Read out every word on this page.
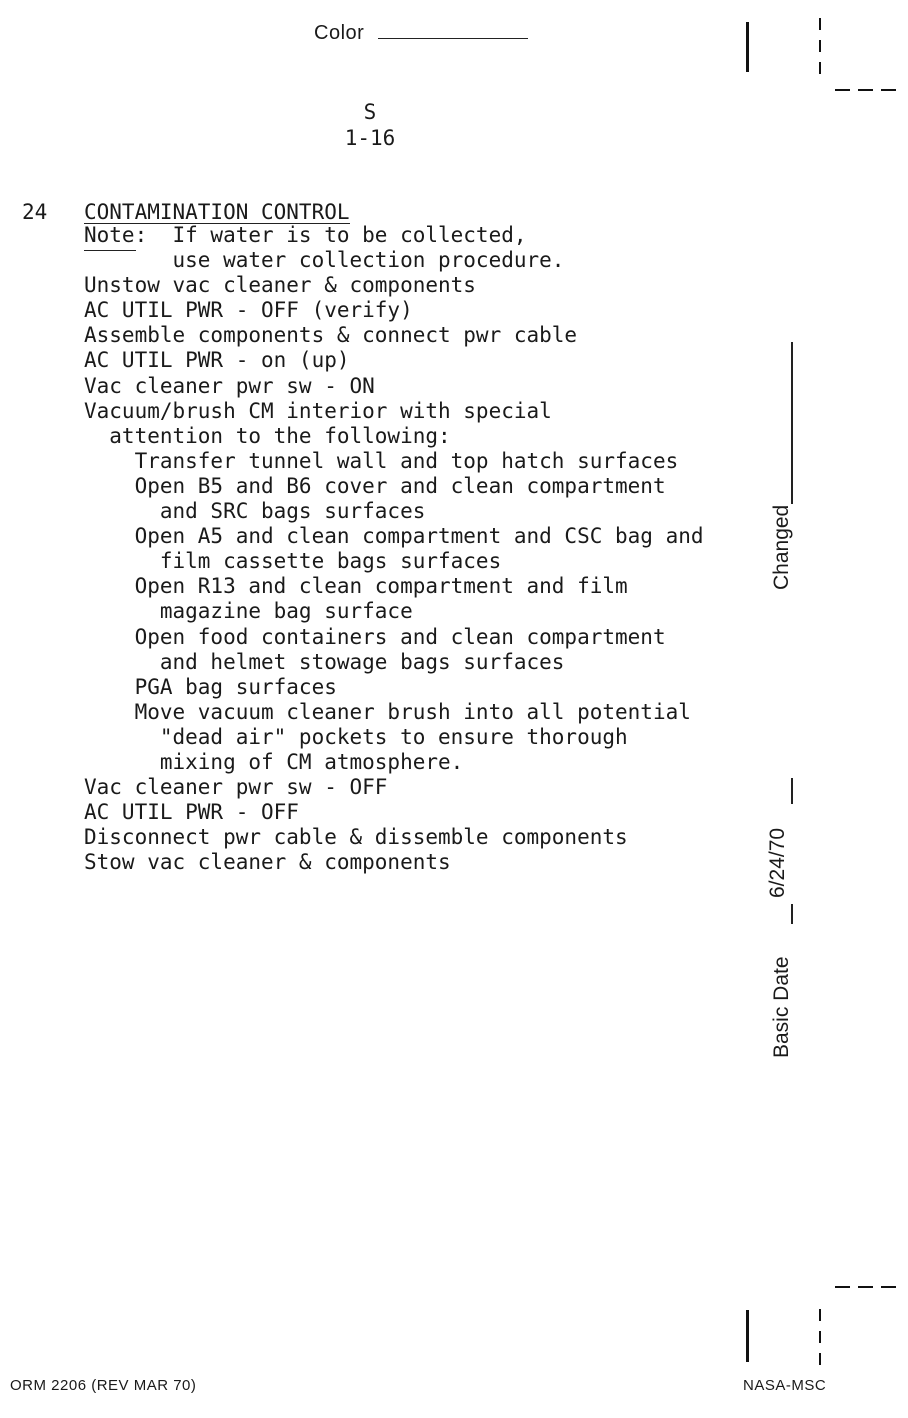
Color
S
1-16
24 CONTAMINATION CONTROL
Note:  If water is to be collected,
use water collection procedure.
Unstow vac cleaner & components
AC UTIL PWR - OFF (verify)
Assemble components & connect pwr cable
AC UTIL PWR - on (up)
Vac cleaner pwr sw - ON
Vacuum/brush CM interior with special
attention to the following:
Transfer tunnel wall and top hatch surfaces
Open B5 and B6 cover and clean compartment
and SRC bags surfaces
Open A5 and clean compartment and CSC bag and
film cassette bags surfaces
Open R13 and clean compartment and film
magazine bag surface
Open food containers and clean compartment
and helmet stowage bags surfaces
PGA bag surfaces
Move vacuum cleaner brush into all potential
"dead air" pockets to ensure thorough
mixing of CM atmosphere.
Vac cleaner pwr sw - OFF
AC UTIL PWR - OFF
Disconnect pwr cable & dissemble components
Stow vac cleaner & components
Changed
Basic Date
6/24/70
ORM 2206 (REV MAR 70)	NASA-MSC
